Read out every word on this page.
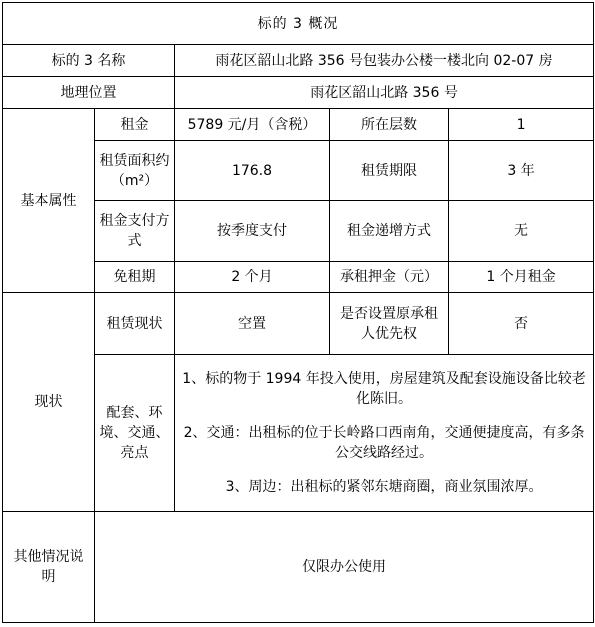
标的 3 概况				
标的 3 名称		雨花区韶山北路 356 号包装办公楼一楼北向 02-07 房		
地理位置		雨花区韶山北路 356 号		
基本属性	租金	5789 元/月（含税）	所在层数	1
	租赁面积约（m²）	176.8	租赁期限	3 年
	租金支付方式	按季度支付	租金递增方式	无
	免租期	2 个月	承租押金（元）	1 个月租金
现状	租赁现状	空置	是否设置原承租人优先权	否
	配套、环境、交通、亮点	1、标的物于 1994 年投入使用，房屋建筑及配套设施设备比较老化陈旧。

2、交通：出租标的位于长岭路口西南角，交通便捷度高，有多条公交线路经过。

3、周边：出租标的紧邻东塘商圈，商业氛围浓厚。		

其他情况说明	仅限办公使用			
